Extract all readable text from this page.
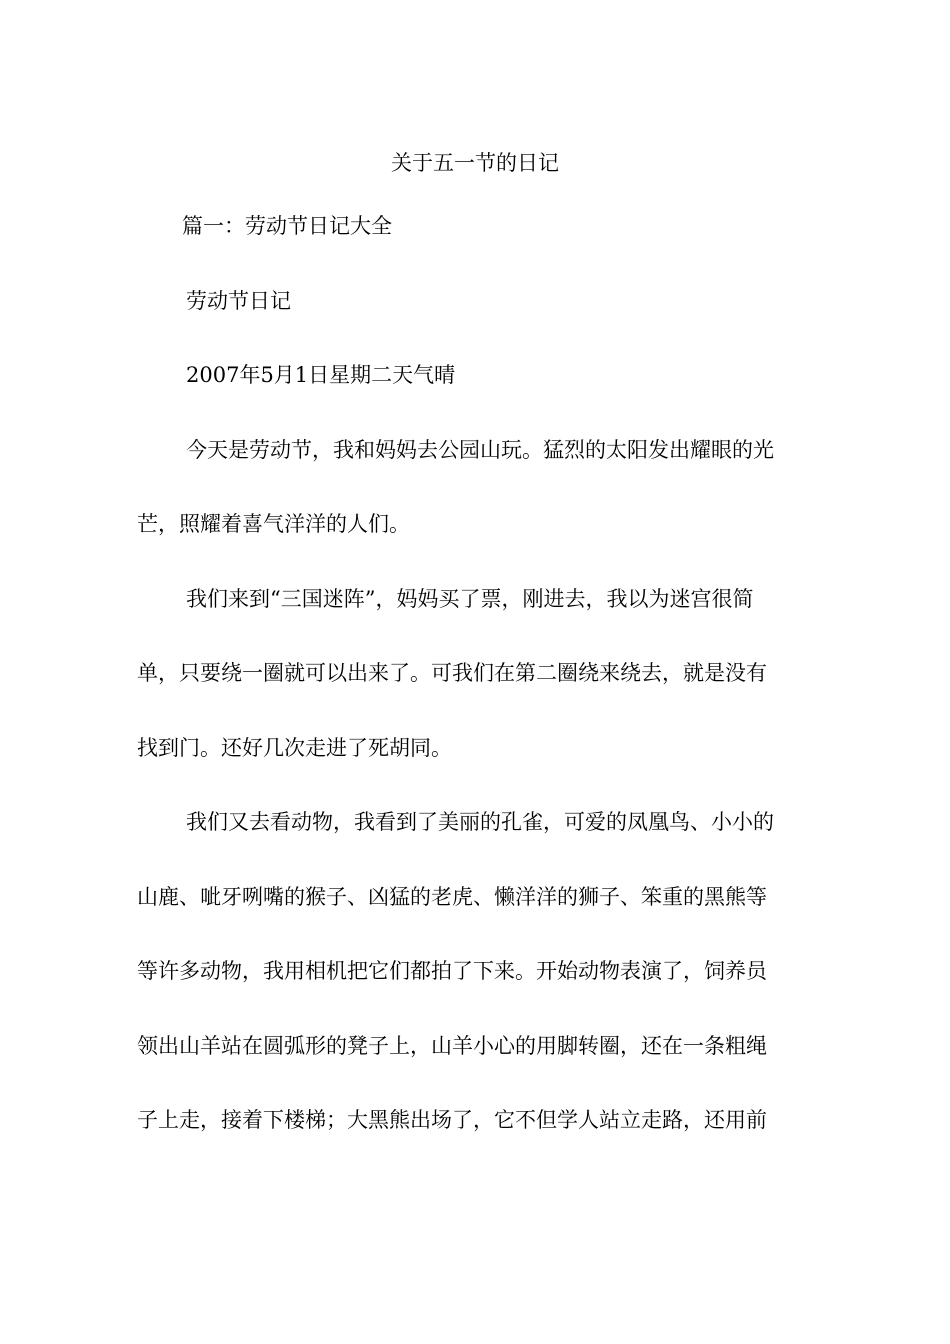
关于五一节的日记
篇一：劳动节日记大全
劳动节日记
2007年5月1日星期二天气晴
今天是劳动节，我和妈妈去公园山玩。猛烈的太阳发出耀眼的光
芒，照耀着喜气洋洋的人们。
我们来到“三国迷阵”，妈妈买了票，刚进去，我以为迷宫很简
单，只要绕一圈就可以出来了。可我们在第二圈绕来绕去，就是没有
找到门。还好几次走进了死胡同。
我们又去看动物，我看到了美丽的孔雀，可爱的凤凰鸟、小小的
山鹿、呲牙咧嘴的猴子、凶猛的老虎、懒洋洋的狮子、笨重的黑熊等
等许多动物，我用相机把它们都拍了下来。开始动物表演了，饲养员
领出山羊站在圆弧形的凳子上，山羊小心的用脚转圈，还在一条粗绳
子上走，接着下楼梯；大黑熊出场了，它不但学人站立走路，还用前
